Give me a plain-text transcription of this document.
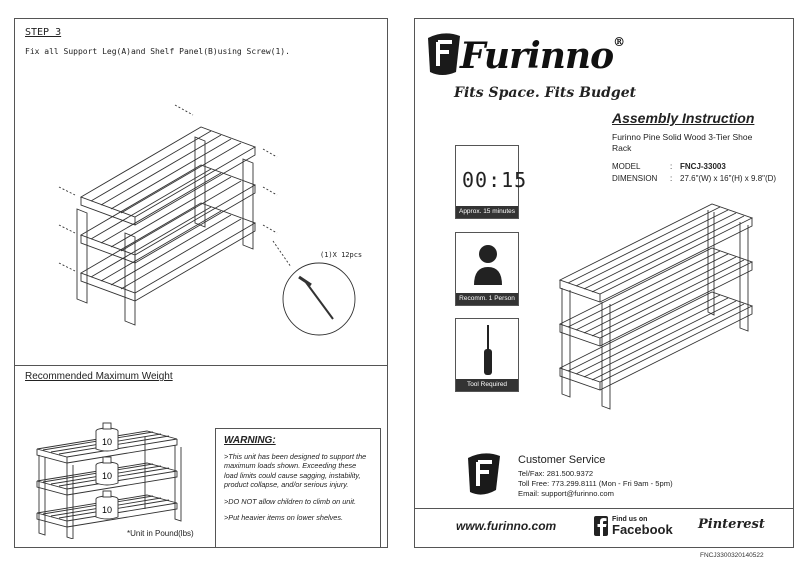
STEP 3
Fix all Support Leg(A)and Shelf Panel(B)using Screw(1).
(1)X 12pcs
Recommended Maximum Weight
10
10
10
*Unit in Pound(lbs)
WARNING:

>This unit has been designed to support the maximum loads shown. Exceeding these load limits could cause sagging, instability, product collapse, and/or serious injury.

>DO NOT allow children to climb on unit.

>Put heavier items on lower shelves.

Furinno®
Fits Space. Fits Budget
Assembly Instruction
Furinno Pine Solid Wood 3-Tier Shoe Rack
MODEL	: FNCJ-33003
DIMENSION : 27.6"(W) x 16"(H) x 9.8"(D)
00:15
Approx. 15 minutes
Recomm. 1 Person
Tool Required
Customer Service
Tel/Fax: 281.500.9372
Toll Free: 773.299.8111 (Mon - Fri 9am - 5pm)
Email: support@furinno.com
www.furinno.com	Find us on
Facebook Pinterest
FNCJ3300320140522
